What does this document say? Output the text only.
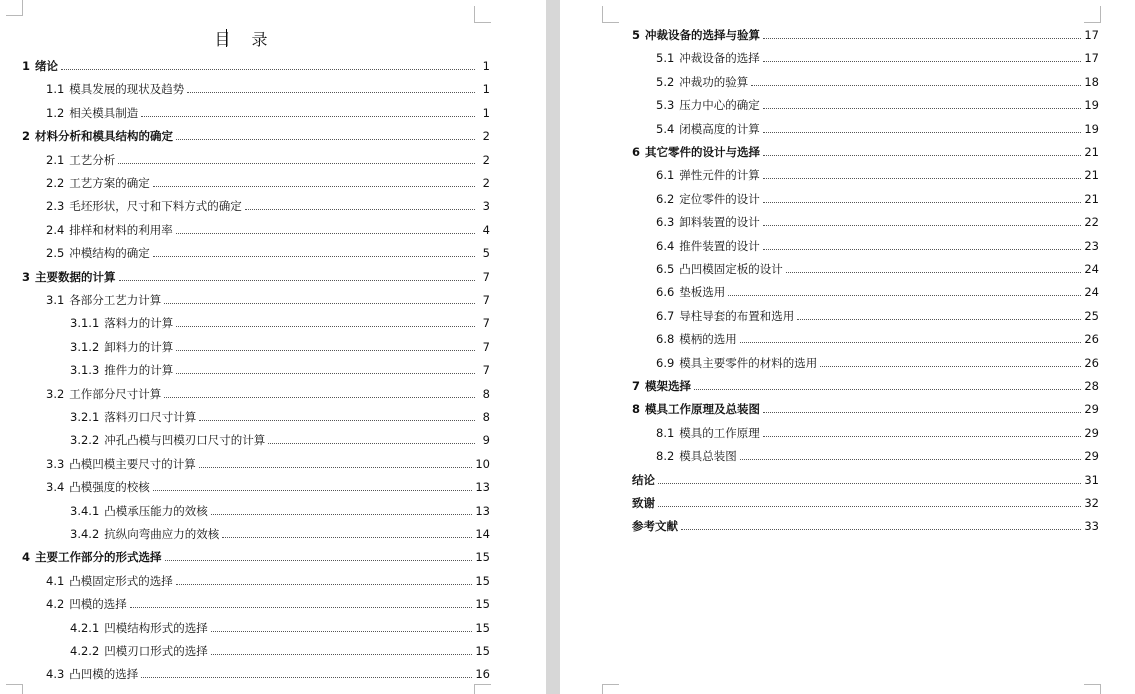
目 录
1 绪论	1
1.1 模具发展的现状及趋势	1
1.2 相关模具制造	1
2 材料分析和模具结构的确定	2
2.1 工艺分析	2
2.2 工艺方案的确定	2
2.3 毛坯形状，尺寸和下料方式的确定	3
2.4 排样和材料的利用率	4
2.5 冲模结构的确定	5
3 主要数据的计算	7
3.1 各部分工艺力计算	7
3.1.1 落料力的计算	7
3.1.2 卸料力的计算	7
3.1.3 推件力的计算	7
3.2 工作部分尺寸计算	8
3.2.1 落料刃口尺寸计算	8
3.2.2 冲孔凸模与凹模刃口尺寸的计算	9
3.3 凸模凹模主要尺寸的计算	10
3.4 凸模强度的校核	13
3.4.1 凸模承压能力的效核	13
3.4.2 抗纵向弯曲应力的效核	14
4 主要工作部分的形式选择	15
4.1 凸模固定形式的选择	15
4.2 凹模的选择	15
4.2.1 凹模结构形式的选择	15
4.2.2 凹模刃口形式的选择	15
4.3 凸凹模的选择	16
5 冲裁设备的选择与验算	17
5.1 冲裁设备的选择	17
5.2 冲裁功的验算	18
5.3 压力中心的确定	19
5.4 闭模高度的计算	19
6 其它零件的设计与选择	21
6.1 弹性元件的计算	21
6.2 定位零件的设计	21
6.3 卸料装置的设计	22
6.4 推件装置的设计	23
6.5 凸凹模固定板的设计	24
6.6 垫板选用	24
6.7 导柱导套的布置和选用	25
6.8 模柄的选用	26
6.9 模具主要零件的材料的选用	26
7 模架选择	28
8 模具工作原理及总装图	29
8.1 模具的工作原理	29
8.2 模具总装图	29
结论	31
致谢	32
参考文献	33
